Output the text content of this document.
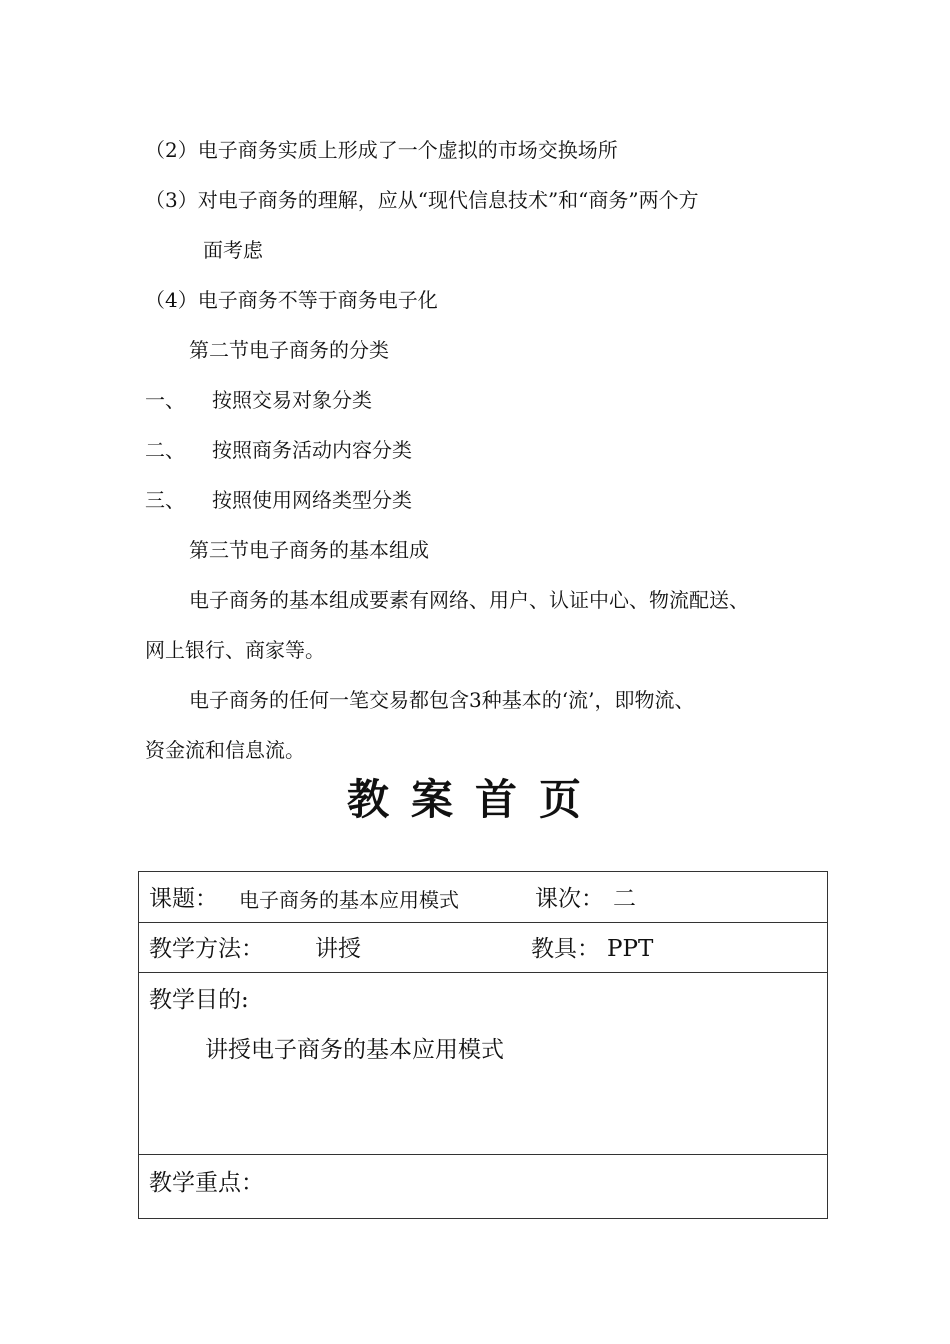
（2）电子商务实质上形成了一个虚拟的市场交换场所
（3）对电子商务的理解，应从“现代信息技术”和“商务”两个方
面考虑
（4）电子商务不等于商务电子化
第二节电子商务的分类
一、 按照交易对象分类
二、 按照商务活动内容分类
三、 按照使用网络类型分类
第三节电子商务的基本组成
电子商务的基本组成要素有网络、用户、认证中心、物流配送、
网上银行、商家等。
电子商务的任何一笔交易都包含3种基本的‘流’，即物流、
资金流和信息流。
教案首页
课题： 电子商务的基本应用模式	课次： 二
教学方法： 讲授	教具： PPT
教学目的:
讲授电子商务的基本应用模式
教学重点：
